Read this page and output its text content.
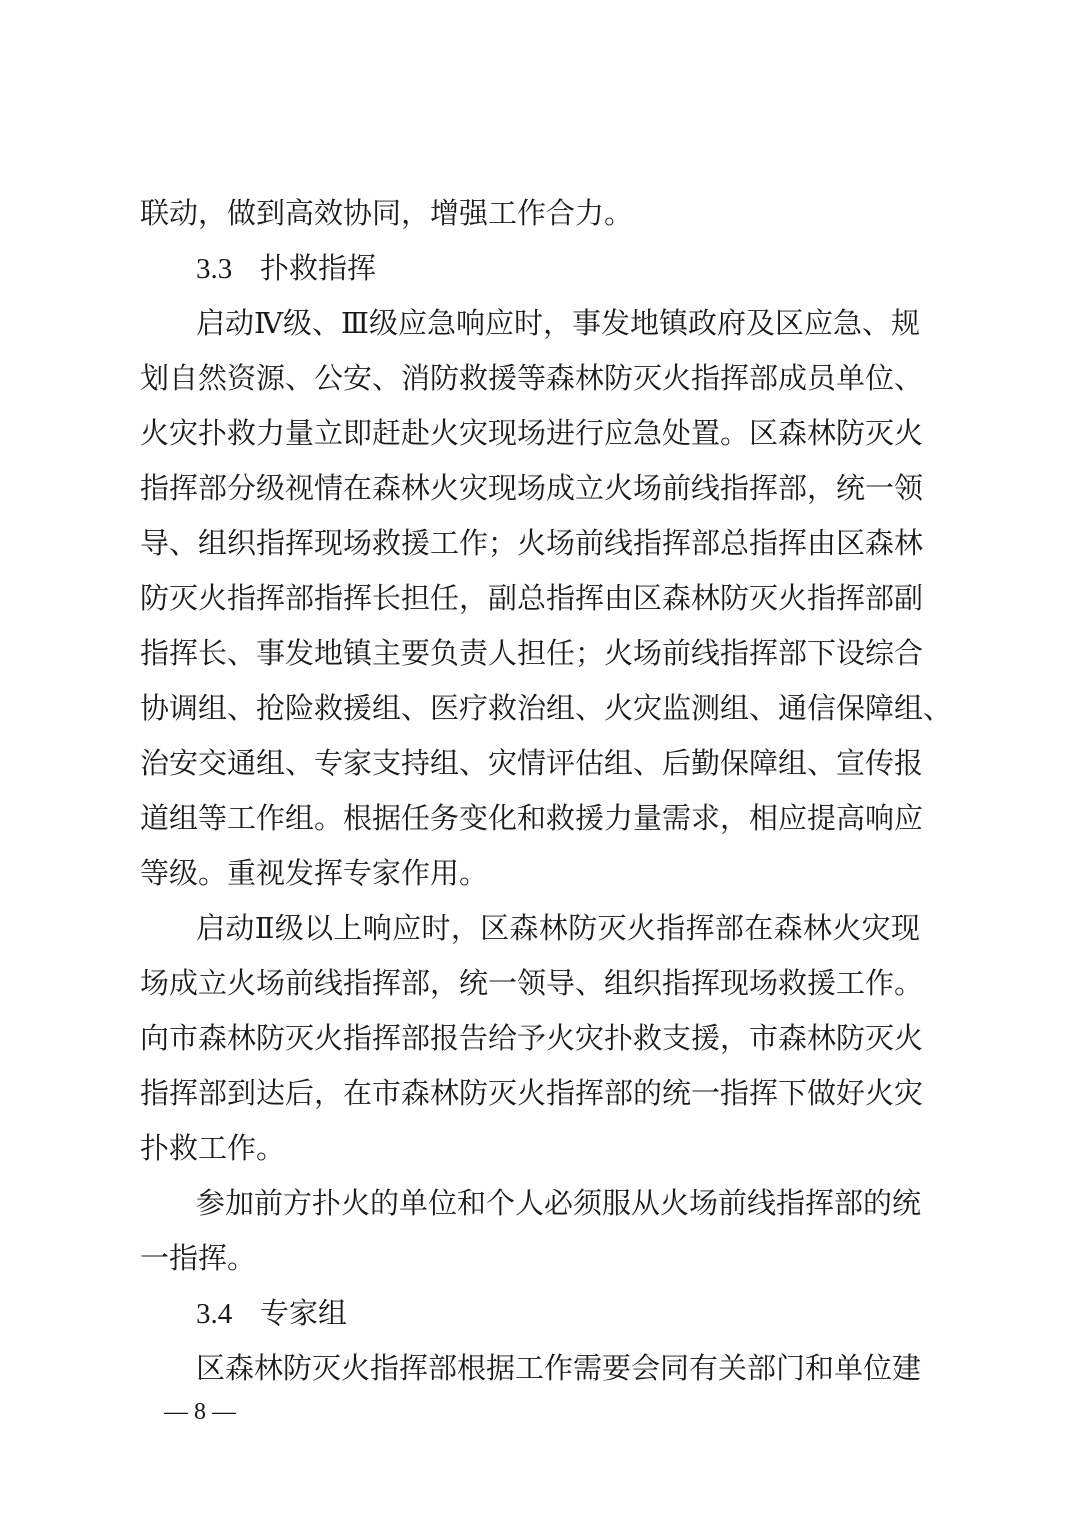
联动，做到高效协同，增强工作合力。
3.3 扑救指挥
启动Ⅳ级、Ⅲ级应急响应时，事发地镇政府及区应急、规
划自然资源、公安、消防救援等森林防灭火指挥部成员单位、
火灾扑救力量立即赶赴火灾现场进行应急处置。区森林防灭火
指挥部分级视情在森林火灾现场成立火场前线指挥部，统一领
导、组织指挥现场救援工作；火场前线指挥部总指挥由区森林
防灭火指挥部指挥长担任，副总指挥由区森林防灭火指挥部副
指挥长、事发地镇主要负责人担任；火场前线指挥部下设综合
协调组、抢险救援组、医疗救治组、火灾监测组、通信保障组、
治安交通组、专家支持组、灾情评估组、后勤保障组、宣传报
道组等工作组。根据任务变化和救援力量需求，相应提高响应
等级。重视发挥专家作用。
启动Ⅱ级以上响应时，区森林防灭火指挥部在森林火灾现
场成立火场前线指挥部，统一领导、组织指挥现场救援工作。
向市森林防灭火指挥部报告给予火灾扑救支援，市森林防灭火
指挥部到达后，在市森林防灭火指挥部的统一指挥下做好火灾
扑救工作。
参加前方扑火的单位和个人必须服从火场前线指挥部的统
一指挥。
3.4 专家组
区森林防灭火指挥部根据工作需要会同有关部门和单位建
— 8 —
